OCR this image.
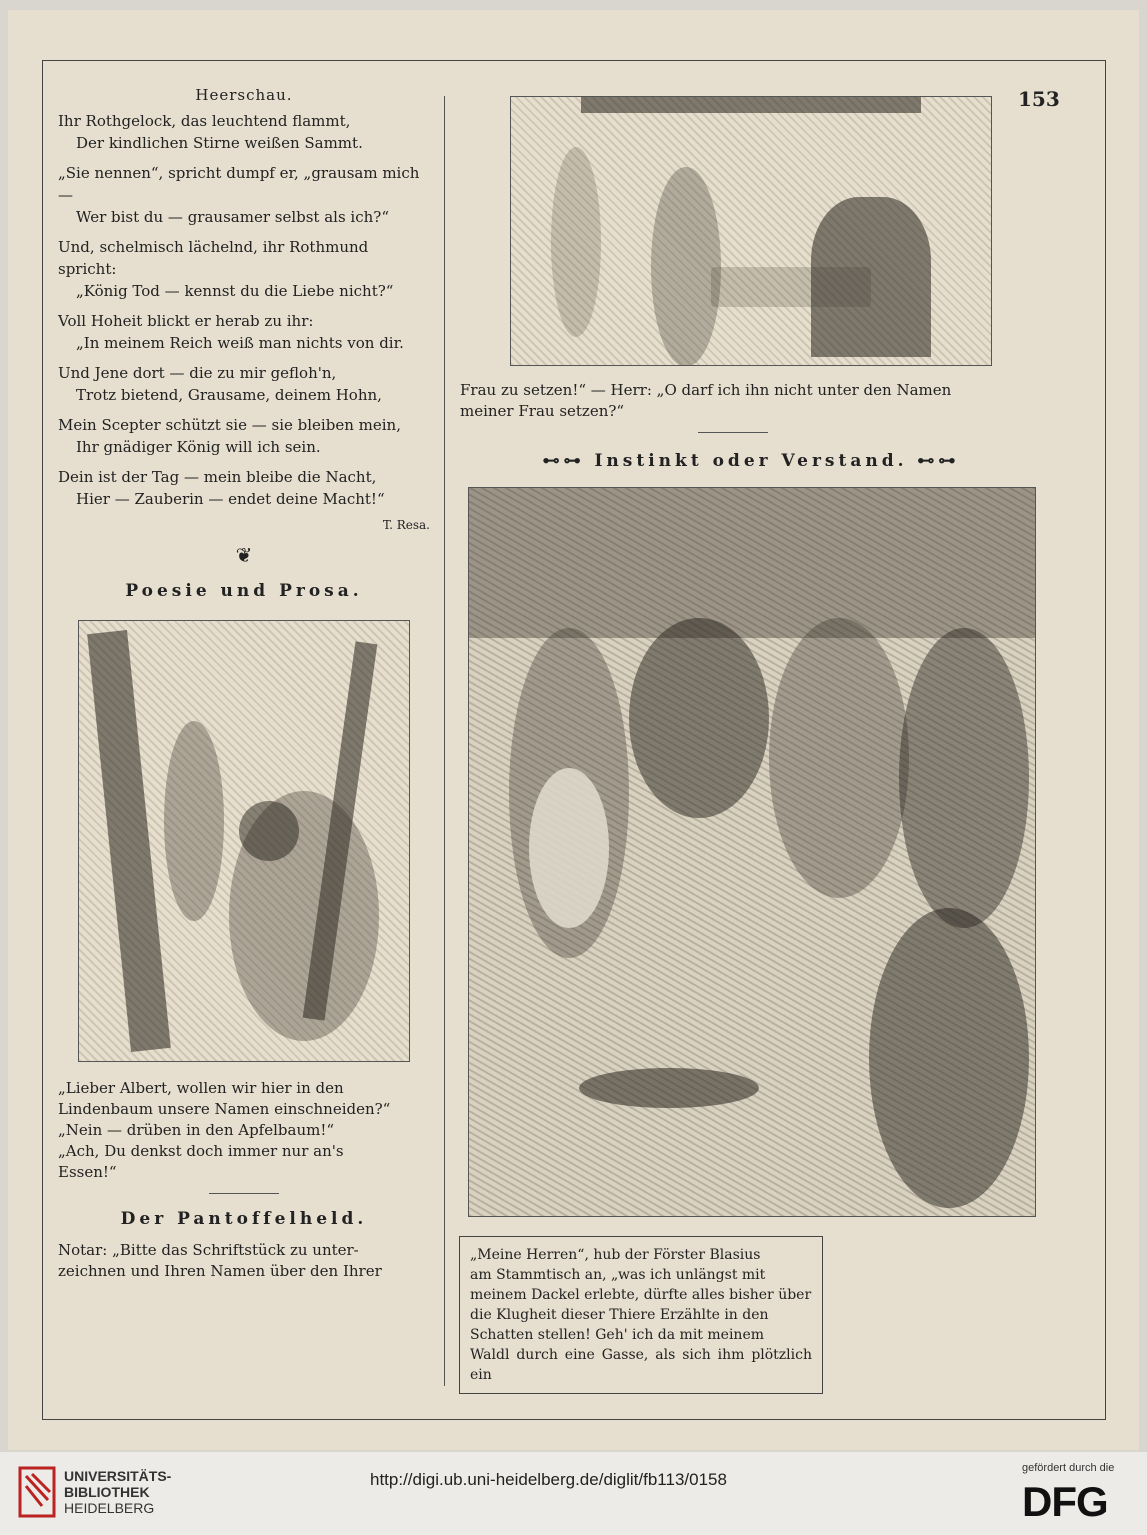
153
Heerschau.
Ihr Rothgelock, das leuchtend flammt,
Der kindlichen Stirne weißen Sammt.
„Sie nennen“, spricht dumpf er, „grausam mich —
Wer bist du — grausamer selbst als ich?“
Und, schelmisch lächelnd, ihr Rothmund spricht:
„König Tod — kennst du die Liebe nicht?“
Voll Hoheit blickt er herab zu ihr:
„In meinem Reich weiß man nichts von dir.
Und Jene dort — die zu mir gefloh'n,
Trotz bietend, Grausame, deinem Hohn,
Mein Scepter schützt sie — sie bleiben mein,
Ihr gnädiger König will ich sein.
Dein ist der Tag — mein bleibe die Nacht,
Hier — Zauberin — endet deine Macht!“
T. Resa.
❦
Poesie und Prosa.
„Lieber Albert, wollen wir hier in den
Lindenbaum unsere Namen einschneiden?“
„Nein — drüben in den Apfelbaum!“
„Ach, Du denkst doch immer nur an's
Essen!“
Der Pantoffelheld.
Notar: „Bitte das Schriftstück zu unter-
zeichnen und Ihren Namen über den Ihrer
Frau zu setzen!“ — Herr: „O darf ich ihn nicht unter den Namen
meiner Frau setzen?“
⊷⊶ Instinkt oder Verstand. ⊷⊶
„Meine Herren“, hub der Förster Blasius
am Stammtisch an, „was ich unlängst mit
meinem Dackel erlebte, dürfte alles bisher über
die Klugheit dieser Thiere Erzählte in den
Schatten stellen! Geh' ich da mit meinem
Waldl durch eine Gasse, als sich ihm plötzlich ein
UNIVERSITÄTS-
BIBLIOTHEK
HEIDELBERG
http://digi.ub.uni-heidelberg.de/diglit/fb113/0158
gefördert durch die
DFG
